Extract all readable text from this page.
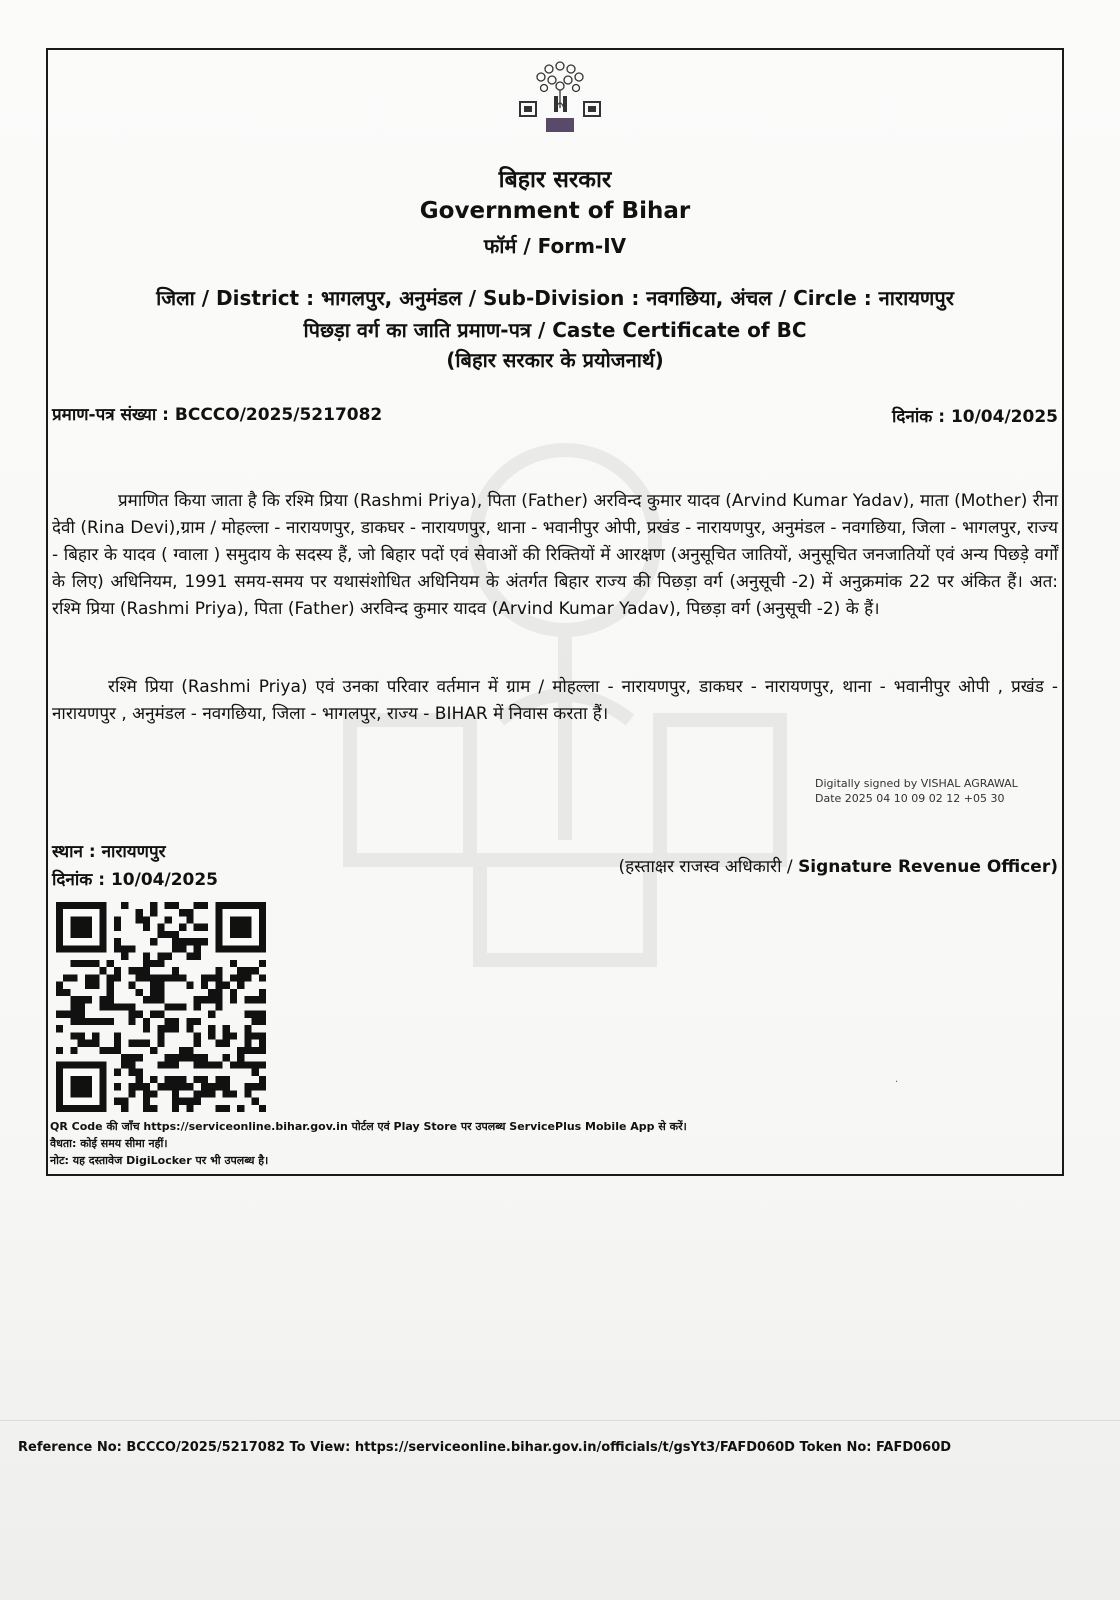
बिहार सरकार
Government of Bihar
फॉर्म / Form-IV
जिला / District : भागलपुर, अनुमंडल / Sub-Division : नवगछिया, अंचल / Circle : नारायणपुर
पिछड़ा वर्ग का जाति प्रमाण-पत्र / Caste Certificate of BC
(बिहार सरकार के प्रयोजनार्थ)
प्रमाण-पत्र संख्या : BCCCO/2025/5217082	दिनांक : 10/04/2025
प्रमाणित किया जाता है कि रश्मि प्रिया (Rashmi Priya), पिता (Father) अरविन्द कुमार यादव (Arvind Kumar Yadav), माता (Mother) रीना देवी (Rina Devi),ग्राम / मोहल्ला - नारायणपुर, डाकघर - नारायणपुर, थाना - भवानीपुर ओपी, प्रखंड - नारायणपुर, अनुमंडल - नवगछिया, जिला - भागलपुर, राज्य - बिहार के यादव ( ग्वाला ) समुदाय के सदस्य हैं, जो बिहार पदों एवं सेवाओं की रिक्तियों में आरक्षण (अनुसूचित जातियों, अनुसूचित जनजातियों एवं अन्य पिछड़े वर्गों के लिए) अधिनियम, 1991 समय-समय पर यथासंशोधित अधिनियम के अंतर्गत बिहार राज्य की पिछड़ा वर्ग (अनुसूची -2) में अनुक्रमांक 22 पर अंकित हैं। अत: रश्मि प्रिया (Rashmi Priya), पिता (Father) अरविन्द कुमार यादव (Arvind Kumar Yadav), पिछड़ा वर्ग (अनुसूची -2) के हैं।
रश्मि प्रिया (Rashmi Priya) एवं उनका परिवार वर्तमान में ग्राम / मोहल्ला - नारायणपुर, डाकघर - नारायणपुर, थाना - भवानीपुर ओपी , प्रखंड - नारायणपुर , अनुमंडल - नवगछिया, जिला - भागलपुर, राज्य - BIHAR में निवास करता हैं।
Digitally signed by VISHAL AGRAWAL
Date 2025 04 10 09 02 12 +05 30
स्थान : नारायणपुर
दिनांक : 10/04/2025
(हस्ताक्षर राजस्व अधिकारी / Signature Revenue Officer)
·
QR Code की जाँच https://serviceonline.bihar.gov.in पोर्टल एवं Play Store पर उपलब्ध ServicePlus Mobile App से करें।
वैधता: कोई समय सीमा नहीं।
नोट: यह दस्तावेज DigiLocker पर भी उपलब्ध है।
Reference No: BCCCO/2025/5217082 To View: https://serviceonline.bihar.gov.in/officials/t/gsYt3/FAFD060D Token No: FAFD060D
